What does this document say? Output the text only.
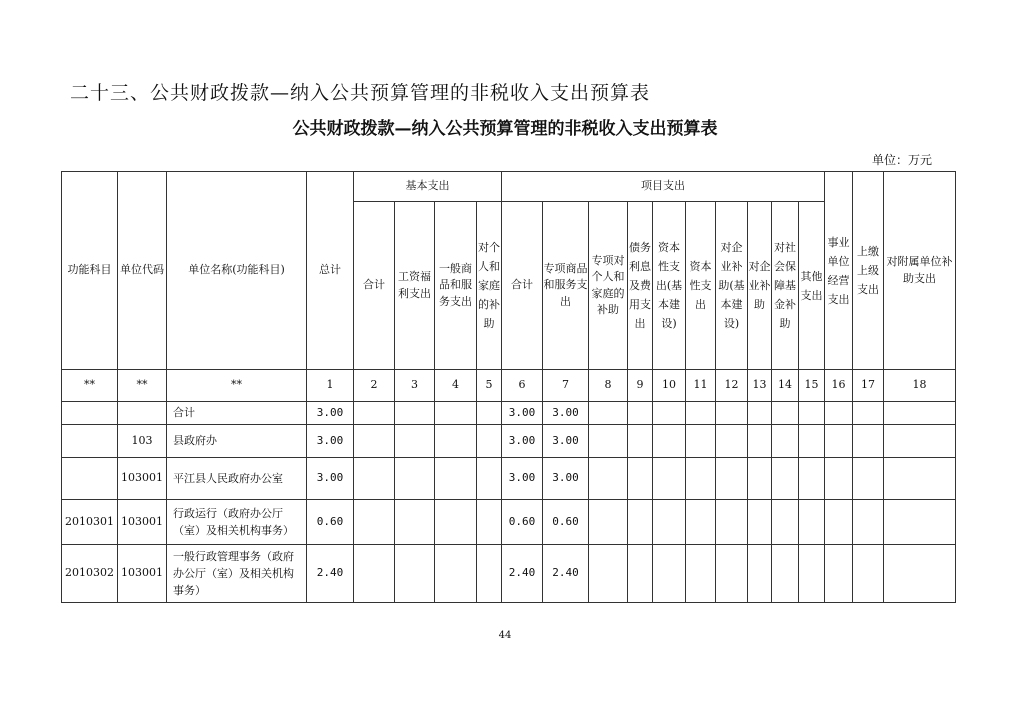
二十三、公共财政拨款—纳入公共预算管理的非税收入支出预算表
公共财政拨款—纳入公共预算管理的非税收入支出预算表
单位：万元
功能科目	单位代码	单位名称(功能科目)	总计	基本支出				项目支出										事业单位经营支出	上缴上级支出	对附属单位补助支出
				合计	工资福利支出	一般商品和服务支出	对个人和家庭的补助	合计	专项商品和服务支出	专项对个人和家庭的补助	债务利息及费用支出	资本性支出(基本建设)	资本性支出	对企业补助(基本建设)	对企业补助	对社会保障基金补助	其他支出			
**	**	**	1	2	3	4	5	6	7	8	9	10	11	12	13	14	15	16	17	18
		合计	3.00					3.00	3.00											
	103	县政府办	3.00					3.00	3.00											
	103001	平江县人民政府办公室	3.00					3.00	3.00											
2010301	103001	行政运行（政府办公厅（室）及相关机构事务）	0.60					0.60	0.60											
2010302	103001	一般行政管理事务（政府办公厅（室）及相关机构事务）	2.40					2.40	2.40											
44
